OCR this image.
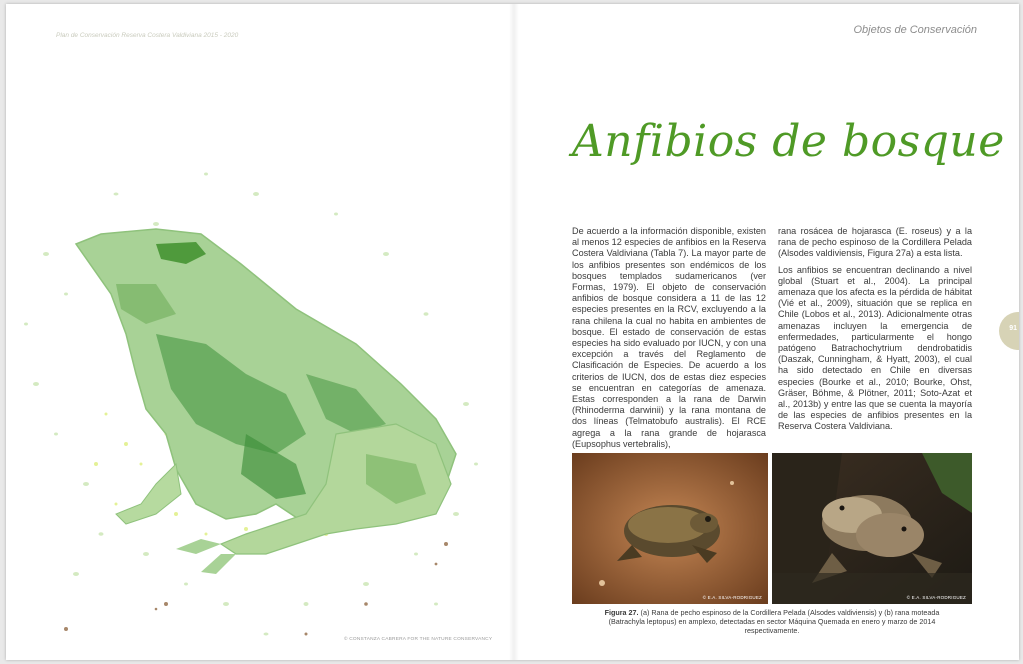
Plan de Conservación Reserva Costera Valdiviana 2015 - 2020	Objetos de Conservación
© CONSTANZA CABRERA FOR THE NATURE CONSERVANCY
Anfibios de bosque

De acuerdo a la información disponible, existen al menos 12 especies de anfibios en la Reserva Costera Valdiviana (Tabla 7). La mayor parte de los anfibios presentes son endémicos de los bosques templados sudamericanos (ver Formas, 1979). El objeto de conservación anfibios de bosque considera a 11 de las 12 especies presentes en la RCV, excluyendo a la rana chilena la cual no habita en ambientes de bosque. El estado de conservación de estas especies ha sido evaluado por IUCN, y con una excepción a través del Reglamento de Clasificación de Especies. De acuerdo a los criterios de IUCN, dos de estas diez especies se encuentran en categorías de amenaza. Estas corresponden a la rana de Darwin (Rhinoderma darwinii) y la rana montana de dos líneas (Telmatobufo australis). El RCE agrega a la rana grande de hojarasca (Eupsophus vertebralis),

rana rosácea de hojarasca (E. roseus) y a la rana de pecho espinoso de la Cordillera Pelada (Alsodes valdiviensis, Figura 27a) a esta lista.

Los anfibios se encuentran declinando a nivel global (Stuart et al., 2004). La principal amenaza que los afecta es la pérdida de hábitat (Vié et al., 2009), situación que se replica en Chile (Lobos et al., 2013). Adicionalmente otras amenazas incluyen la emergencia de enfermedades, particularmente el hongo patógeno Batrachochytrium dendrobatidis (Daszak, Cunningham, & Hyatt, 2003), el cual ha sido detectado en Chile en diversas especies (Bourke et al., 2010; Bourke, Ohst, Gräser, Böhme, & Plötner, 2011; Soto-Azat et al., 2013b) y entre las que se cuenta la mayoría de las especies de anfibios presentes en la Reserva Costera Valdiviana.

© E.A. SILVA-RODRIGUEZ	© E.A. SILVA-RODRIGUEZ
Figura 27. (a) Rana de pecho espinoso de la Cordillera Pelada (Alsodes valdiviensis) y (b) rana moteada (Batrachyla leptopus) en amplexo, detectadas en sector Máquina Quemada en enero y marzo de 2014 respectivamente.
91
